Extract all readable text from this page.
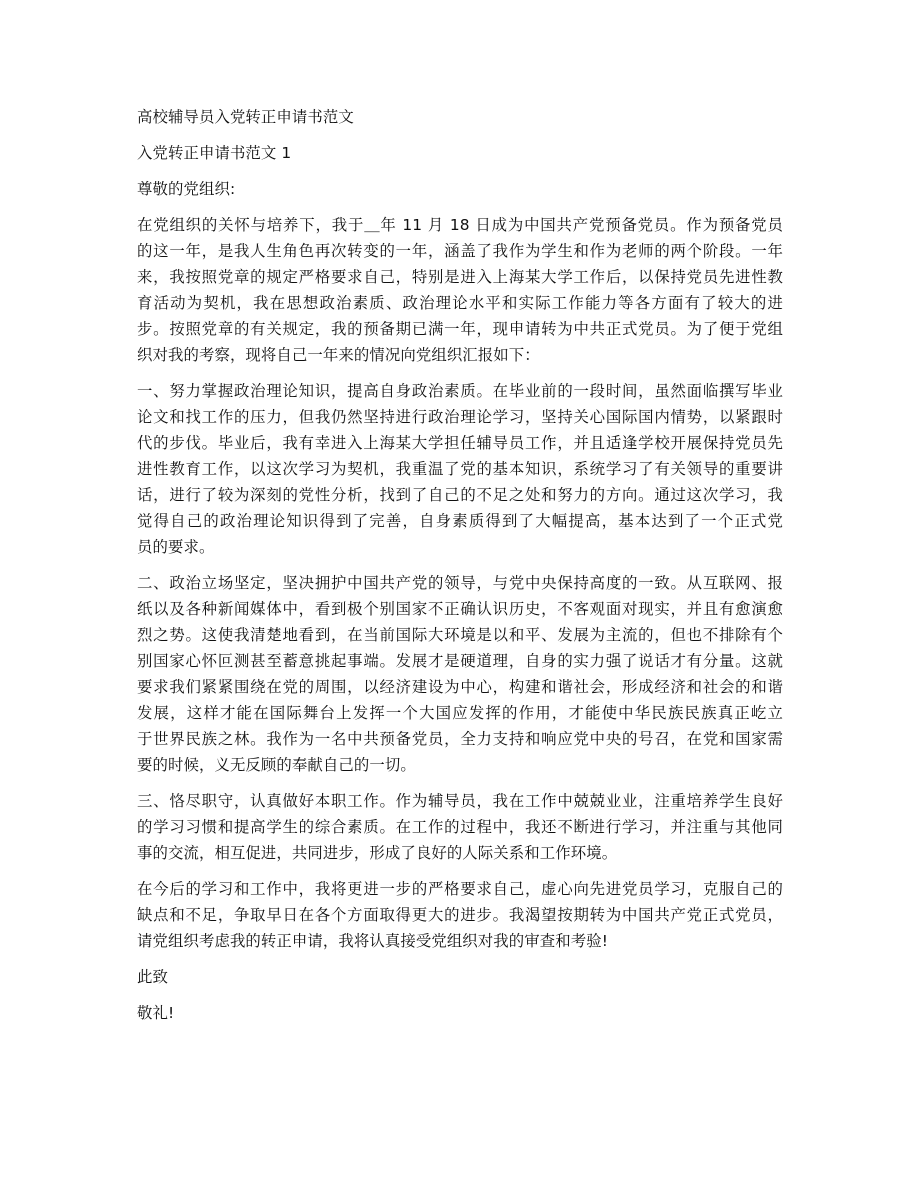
高校辅导员入党转正申请书范文

入党转正申请书范文 1

尊敬的党组织:

在党组织的关怀与培养下，我于＿年 11 月 18 日成为中国共产党预备党员。作为预备党员

的这一年，是我人生角色再次转变的一年，涵盖了我作为学生和作为老师的两个阶段。一年

来，我按照党章的规定严格要求自己，特别是进入上海某大学工作后，以保持党员先进性教

育活动为契机，我在思想政治素质、政治理论水平和实际工作能力等各方面有了较大的进

步。按照党章的有关规定，我的预备期已满一年，现申请转为中共正式党员。为了便于党组

织对我的考察，现将自己一年来的情况向党组织汇报如下：

一、努力掌握政治理论知识，提高自身政治素质。在毕业前的一段时间，虽然面临撰写毕业

论文和找工作的压力，但我仍然坚持进行政治理论学习，坚持关心国际国内情势，以紧跟时

代的步伐。毕业后，我有幸进入上海某大学担任辅导员工作，并且适逢学校开展保持党员先

进性教育工作，以这次学习为契机，我重温了党的基本知识，系统学习了有关领导的重要讲

话，进行了较为深刻的党性分析，找到了自己的不足之处和努力的方向。通过这次学习，我

觉得自己的政治理论知识得到了完善，自身素质得到了大幅提高，基本达到了一个正式党

员的要求。

二、政治立场坚定，坚决拥护中国共产党的领导，与党中央保持高度的一致。从互联网、报

纸以及各种新闻媒体中，看到极个别国家不正确认识历史，不客观面对现实，并且有愈演愈

烈之势。这使我清楚地看到，在当前国际大环境是以和平、发展为主流的，但也不排除有个

别国家心怀叵测甚至蓄意挑起事端。发展才是硬道理，自身的实力强了说话才有分量。这就

要求我们紧紧围绕在党的周围，以经济建设为中心，构建和谐社会，形成经济和社会的和谐

发展，这样才能在国际舞台上发挥一个大国应发挥的作用，才能使中华民族民族真正屹立

于世界民族之林。我作为一名中共预备党员，全力支持和响应党中央的号召，在党和国家需

要的时候，义无反顾的奉献自己的一切。

三、恪尽职守，认真做好本职工作。作为辅导员，我在工作中兢兢业业，注重培养学生良好

的学习习惯和提高学生的综合素质。在工作的过程中，我还不断进行学习，并注重与其他同

事的交流，相互促进，共同进步，形成了良好的人际关系和工作环境。

在今后的学习和工作中，我将更进一步的严格要求自己，虚心向先进党员学习，克服自己的

缺点和不足，争取早日在各个方面取得更大的进步。我渴望按期转为中国共产党正式党员，

请党组织考虑我的转正申请，我将认真接受党组织对我的审查和考验!

此致

敬礼!
